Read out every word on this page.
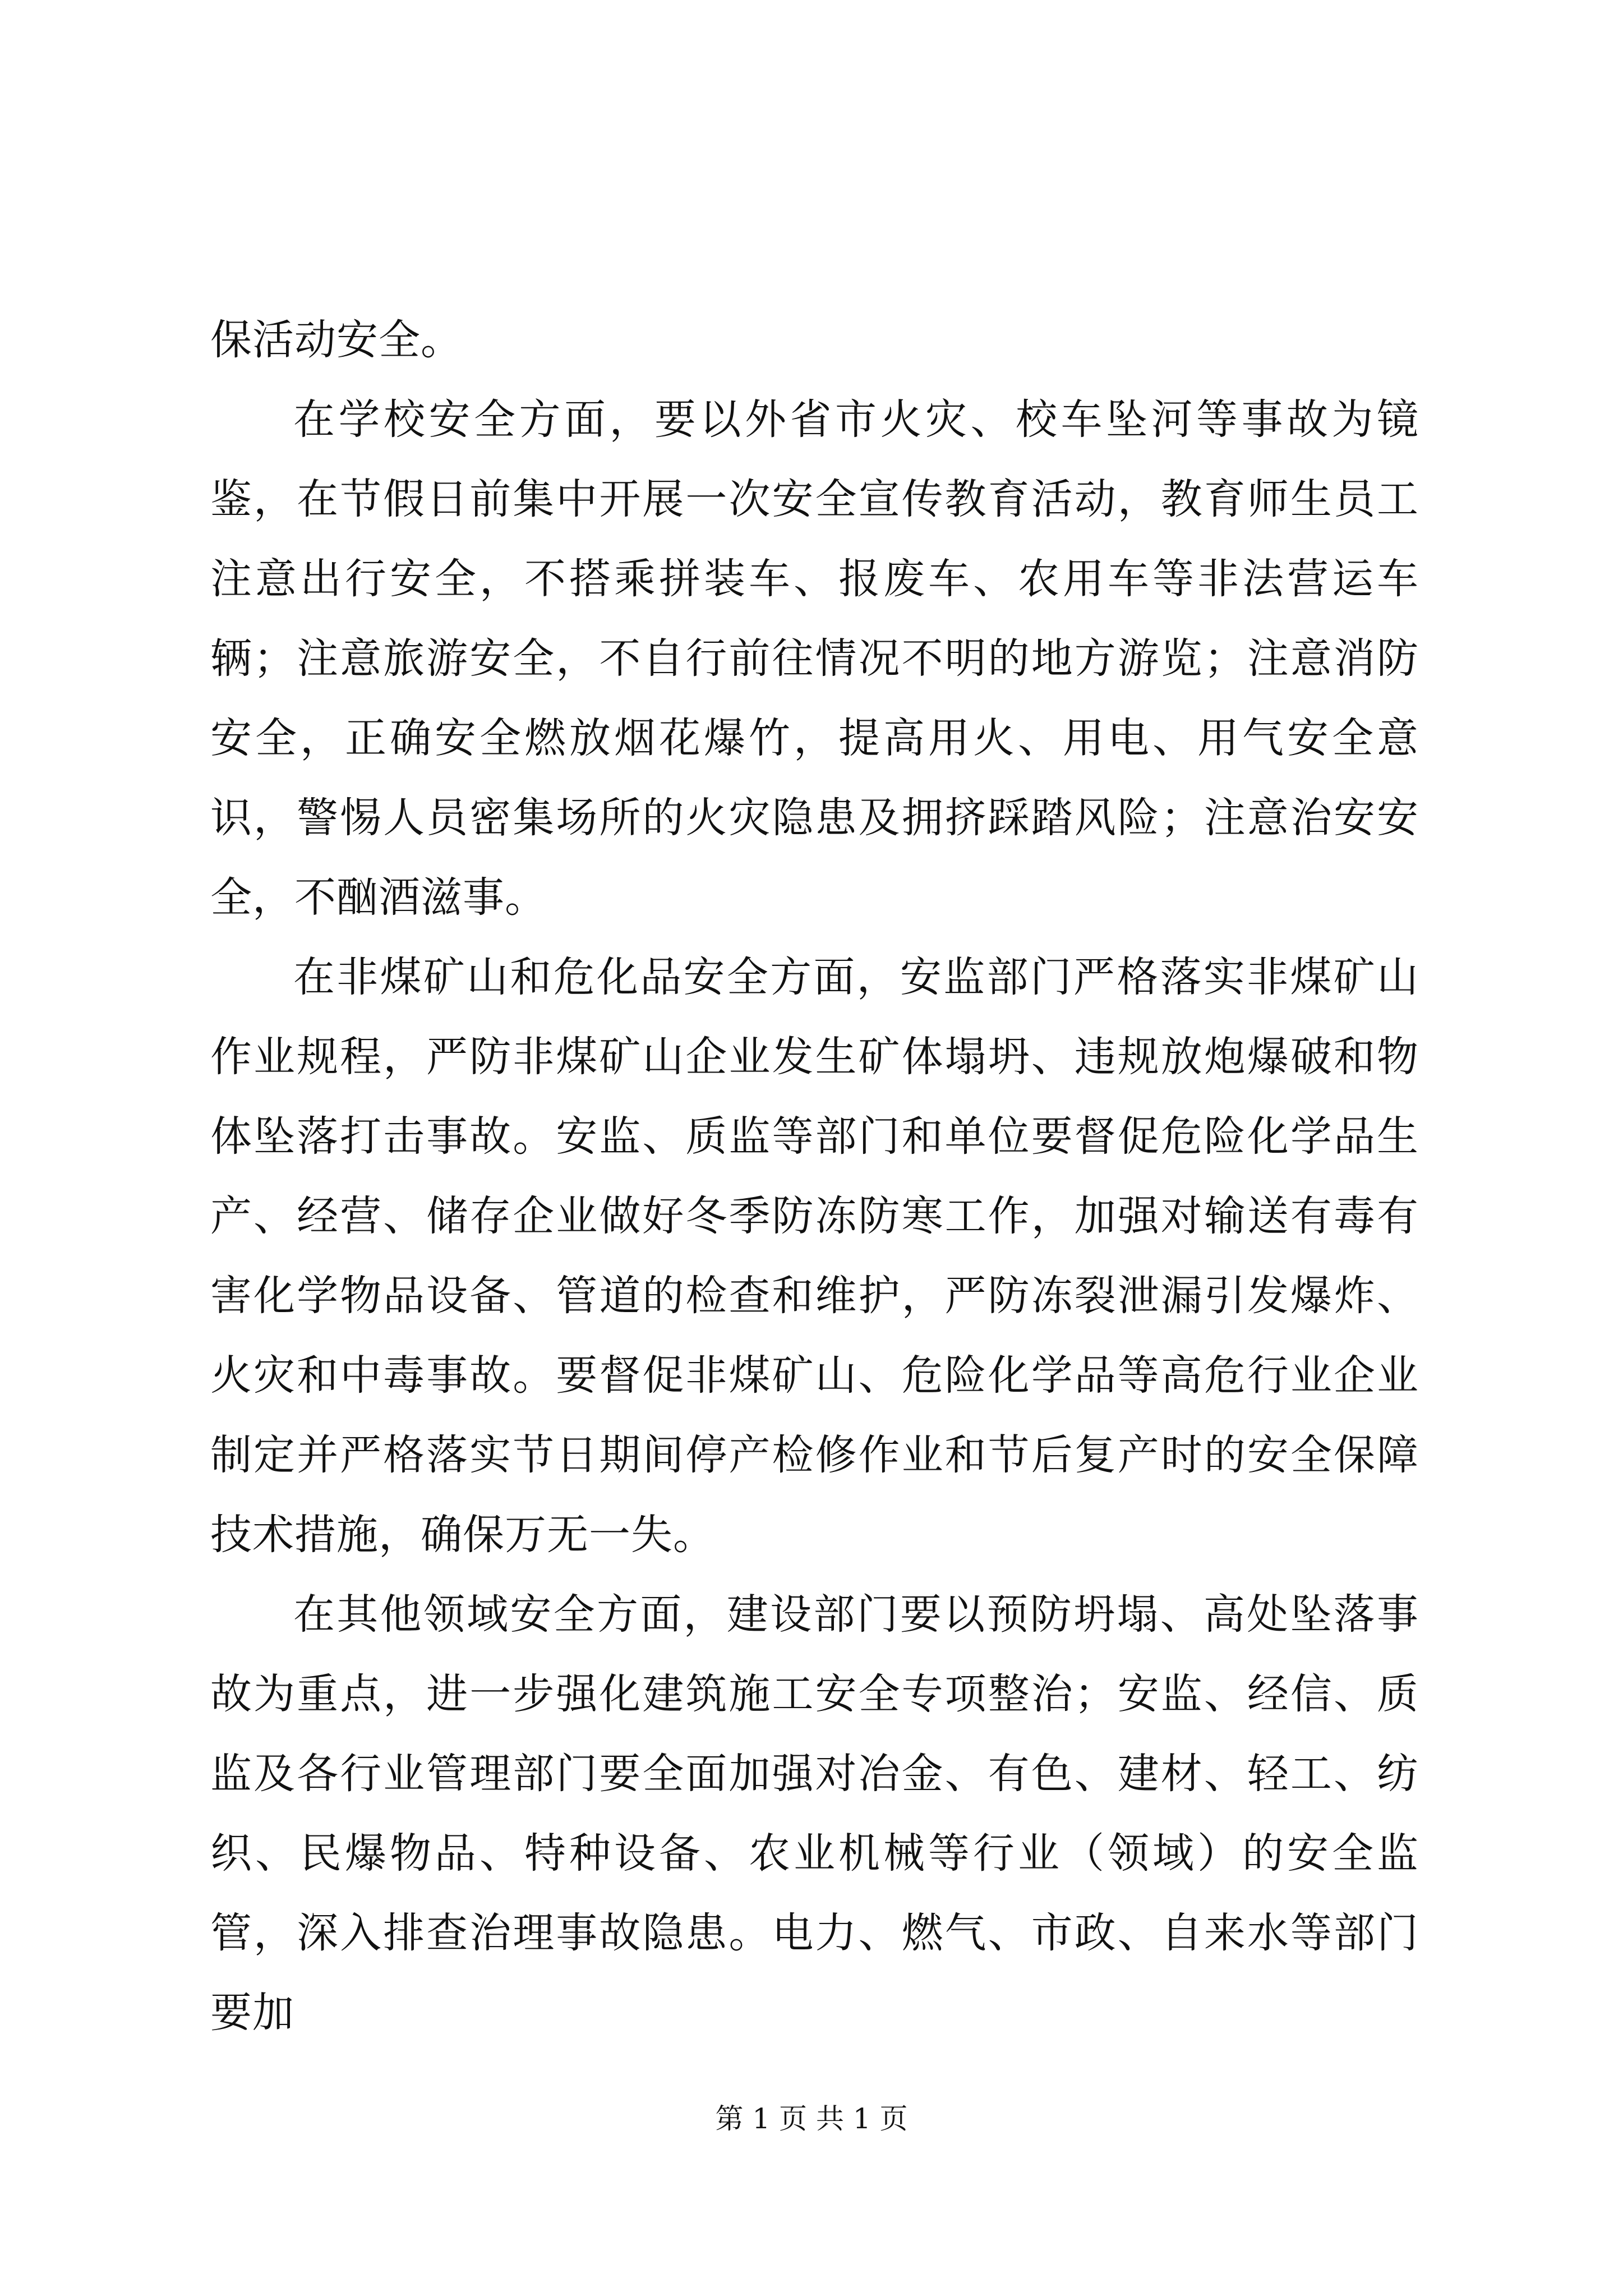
保活动安全。

在学校安全方面，要以外省市火灾、校车坠河等事故为镜鉴，在节假日前集中开展一次安全宣传教育活动，教育师生员工注意出行安全，不搭乘拼装车、报废车、农用车等非法营运车辆；注意旅游安全，不自行前往情况不明的地方游览；注意消防安全，正确安全燃放烟花爆竹，提高用火、用电、用气安全意识，警惕人员密集场所的火灾隐患及拥挤踩踏风险；注意治安安全，不酗酒滋事。

在非煤矿山和危化品安全方面，安监部门严格落实非煤矿山作业规程，严防非煤矿山企业发生矿体塌坍、违规放炮爆破和物体坠落打击事故。安监、质监等部门和单位要督促危险化学品生产、经营、储存企业做好冬季防冻防寒工作，加强对输送有毒有害化学物品设备、管道的检查和维护，严防冻裂泄漏引发爆炸、火灾和中毒事故。要督促非煤矿山、危险化学品等高危行业企业制定并严格落实节日期间停产检修作业和节后复产时的安全保障技术措施，确保万无一失。

在其他领域安全方面，建设部门要以预防坍塌、高处坠落事故为重点，进一步强化建筑施工安全专项整治；安监、经信、质监及各行业管理部门要全面加强对冶金、有色、建材、轻工、纺织、民爆物品、特种设备、农业机械等行业（领域）的安全监管，深入排查治理事故隐患。电力、燃气、市政、自来水等部门要加

第 1 页 共 1 页
